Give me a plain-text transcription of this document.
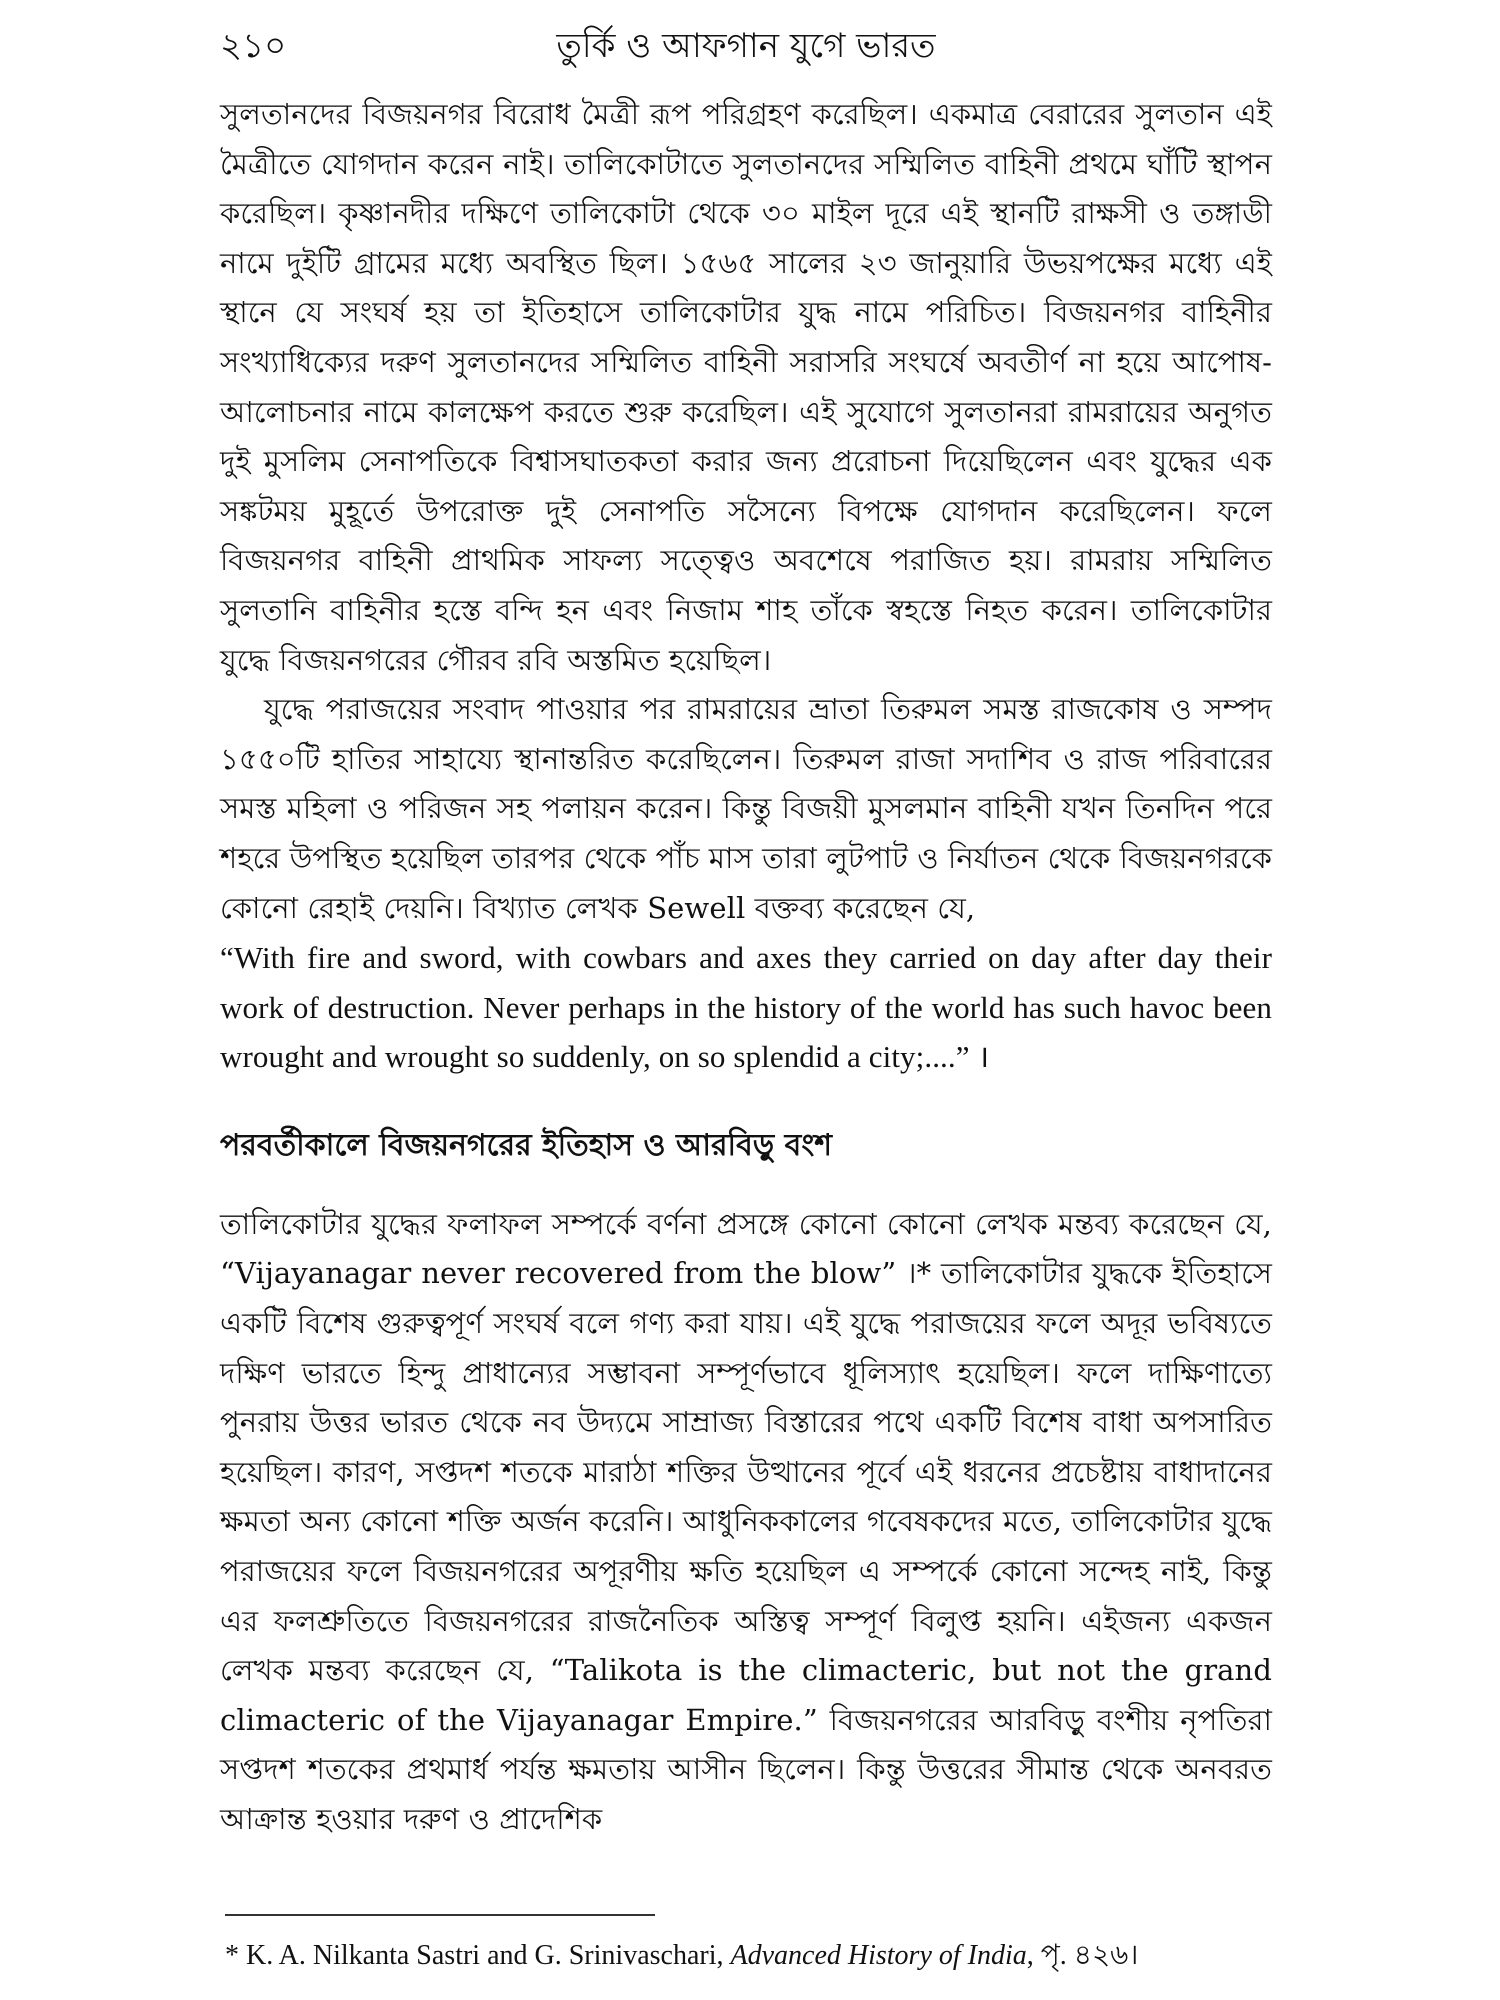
২১০	তুর্কি ও আফগান যুগে ভারত

সুলতানদের বিজয়নগর বিরোধ মৈত্রী রূপ পরিগ্রহণ করেছিল। একমাত্র বেরারের সুলতান এই মৈত্রীতে যোগদান করেন নাই। তালিকোটাতে সুলতানদের সম্মিলিত বাহিনী প্রথমে ঘাঁটি স্থাপন করেছিল। কৃষ্ণানদীর দক্ষিণে তালিকোটা থেকে ৩০ মাইল দূরে এই স্থানটি রাক্ষসী ও তঙ্গাডী নামে দুইটি গ্রামের মধ্যে অবস্থিত ছিল। ১৫৬৫ সালের ২৩ জানুয়ারি উভয়পক্ষের মধ্যে এই স্থানে যে সংঘর্ষ হয় তা ইতিহাসে তালিকোটার যুদ্ধ নামে পরিচিত। বিজয়নগর বাহিনীর সংখ্যাধিক্যের দরুণ সুলতানদের সম্মিলিত বাহিনী সরাসরি সংঘর্ষে অবতীর্ণ না হয়ে আপোষ-আলোচনার নামে কালক্ষেপ করতে শুরু করেছিল। এই সুযোগে সুলতানরা রামরায়ের অনুগত দুই মুসলিম সেনাপতিকে বিশ্বাসঘাতকতা করার জন্য প্ররোচনা দিয়েছিলেন এবং যুদ্ধের এক সঙ্কটময় মুহূর্তে উপরোক্ত দুই সেনাপতি সসৈন্যে বিপক্ষে যোগদান করেছিলেন। ফলে বিজয়নগর বাহিনী প্রাথমিক সাফল্য সত্ত্বেও অবশেষে পরাজিত হয়। রামরায় সম্মিলিত সুলতানি বাহিনীর হস্তে বন্দি হন এবং নিজাম শাহ তাঁকে স্বহস্তে নিহত করেন। তালিকোটার যুদ্ধে বিজয়নগরের গৌরব রবি অস্তমিত হয়েছিল।

যুদ্ধে পরাজয়ের সংবাদ পাওয়ার পর রামরায়ের ভ্রাতা তিরুমল সমস্ত রাজকোষ ও সম্পদ ১৫৫০টি হাতির সাহায্যে স্থানান্তরিত করেছিলেন। তিরুমল রাজা সদাশিব ও রাজ পরিবারের সমস্ত মহিলা ও পরিজন সহ পলায়ন করেন। কিন্তু বিজয়ী মুসলমান বাহিনী যখন তিনদিন পরে শহরে উপস্থিত হয়েছিল তারপর থেকে পাঁচ মাস তারা লুটপাট ও নির্যাতন থেকে বিজয়নগরকে কোনো রেহাই দেয়নি। বিখ্যাত লেখক Sewell বক্তব্য করেছেন যে,

“With fire and sword, with cowbars and axes they carried on day after day their work of destruction. Never perhaps in the history of the world has such havoc been wrought and wrought so suddenly, on so splendid a city;....” ।

পরবর্তীকালে বিজয়নগরের ইতিহাস ও আরবিড়ু বংশ

তালিকোটার যুদ্ধের ফলাফল সম্পর্কে বর্ণনা প্রসঙ্গে কোনো কোনো লেখক মন্তব্য করেছেন যে, “Vijayanagar never recovered from the blow” ।* তালিকোটার যুদ্ধকে ইতিহাসে একটি বিশেষ গুরুত্বপূর্ণ সংঘর্ষ বলে গণ্য করা যায়। এই যুদ্ধে পরাজয়ের ফলে অদূর ভবিষ্যতে দক্ষিণ ভারতে হিন্দু প্রাধান্যের সম্ভাবনা সম্পূর্ণভাবে ধূলিস্যাৎ হয়েছিল। ফলে দাক্ষিণাত্যে পুনরায় উত্তর ভারত থেকে নব উদ্যমে সাম্রাজ্য বিস্তারের পথে একটি বিশেষ বাধা অপসারিত হয়েছিল। কারণ, সপ্তদশ শতকে মারাঠা শক্তির উত্থানের পূর্বে এই ধরনের প্রচেষ্টায় বাধাদানের ক্ষমতা অন্য কোনো শক্তি অর্জন করেনি। আধুনিককালের গবেষকদের মতে, তালিকোটার যুদ্ধে পরাজয়ের ফলে বিজয়নগরের অপূরণীয় ক্ষতি হয়েছিল এ সম্পর্কে কোনো সন্দেহ নাই, কিন্তু এর ফলশ্রুতিতে বিজয়নগরের রাজনৈতিক অস্তিত্ব সম্পূর্ণ বিলুপ্ত হয়নি। এইজন্য একজন লেখক মন্তব্য করেছেন যে, “Talikota is the climacteric, but not the grand climacteric of the Vijayanagar Empire.” বিজয়নগরের আরবিড়ু বংশীয় নৃপতিরা সপ্তদশ শতকের প্রথমার্ধ পর্যন্ত ক্ষমতায় আসীন ছিলেন। কিন্তু উত্তরের সীমান্ত থেকে অনবরত আক্রান্ত হওয়ার দরুণ ও প্রাদেশিক

* K. A. Nilkanta Sastri and G. Srinivaschari, Advanced History of India, পৃ. ৪২৬।
